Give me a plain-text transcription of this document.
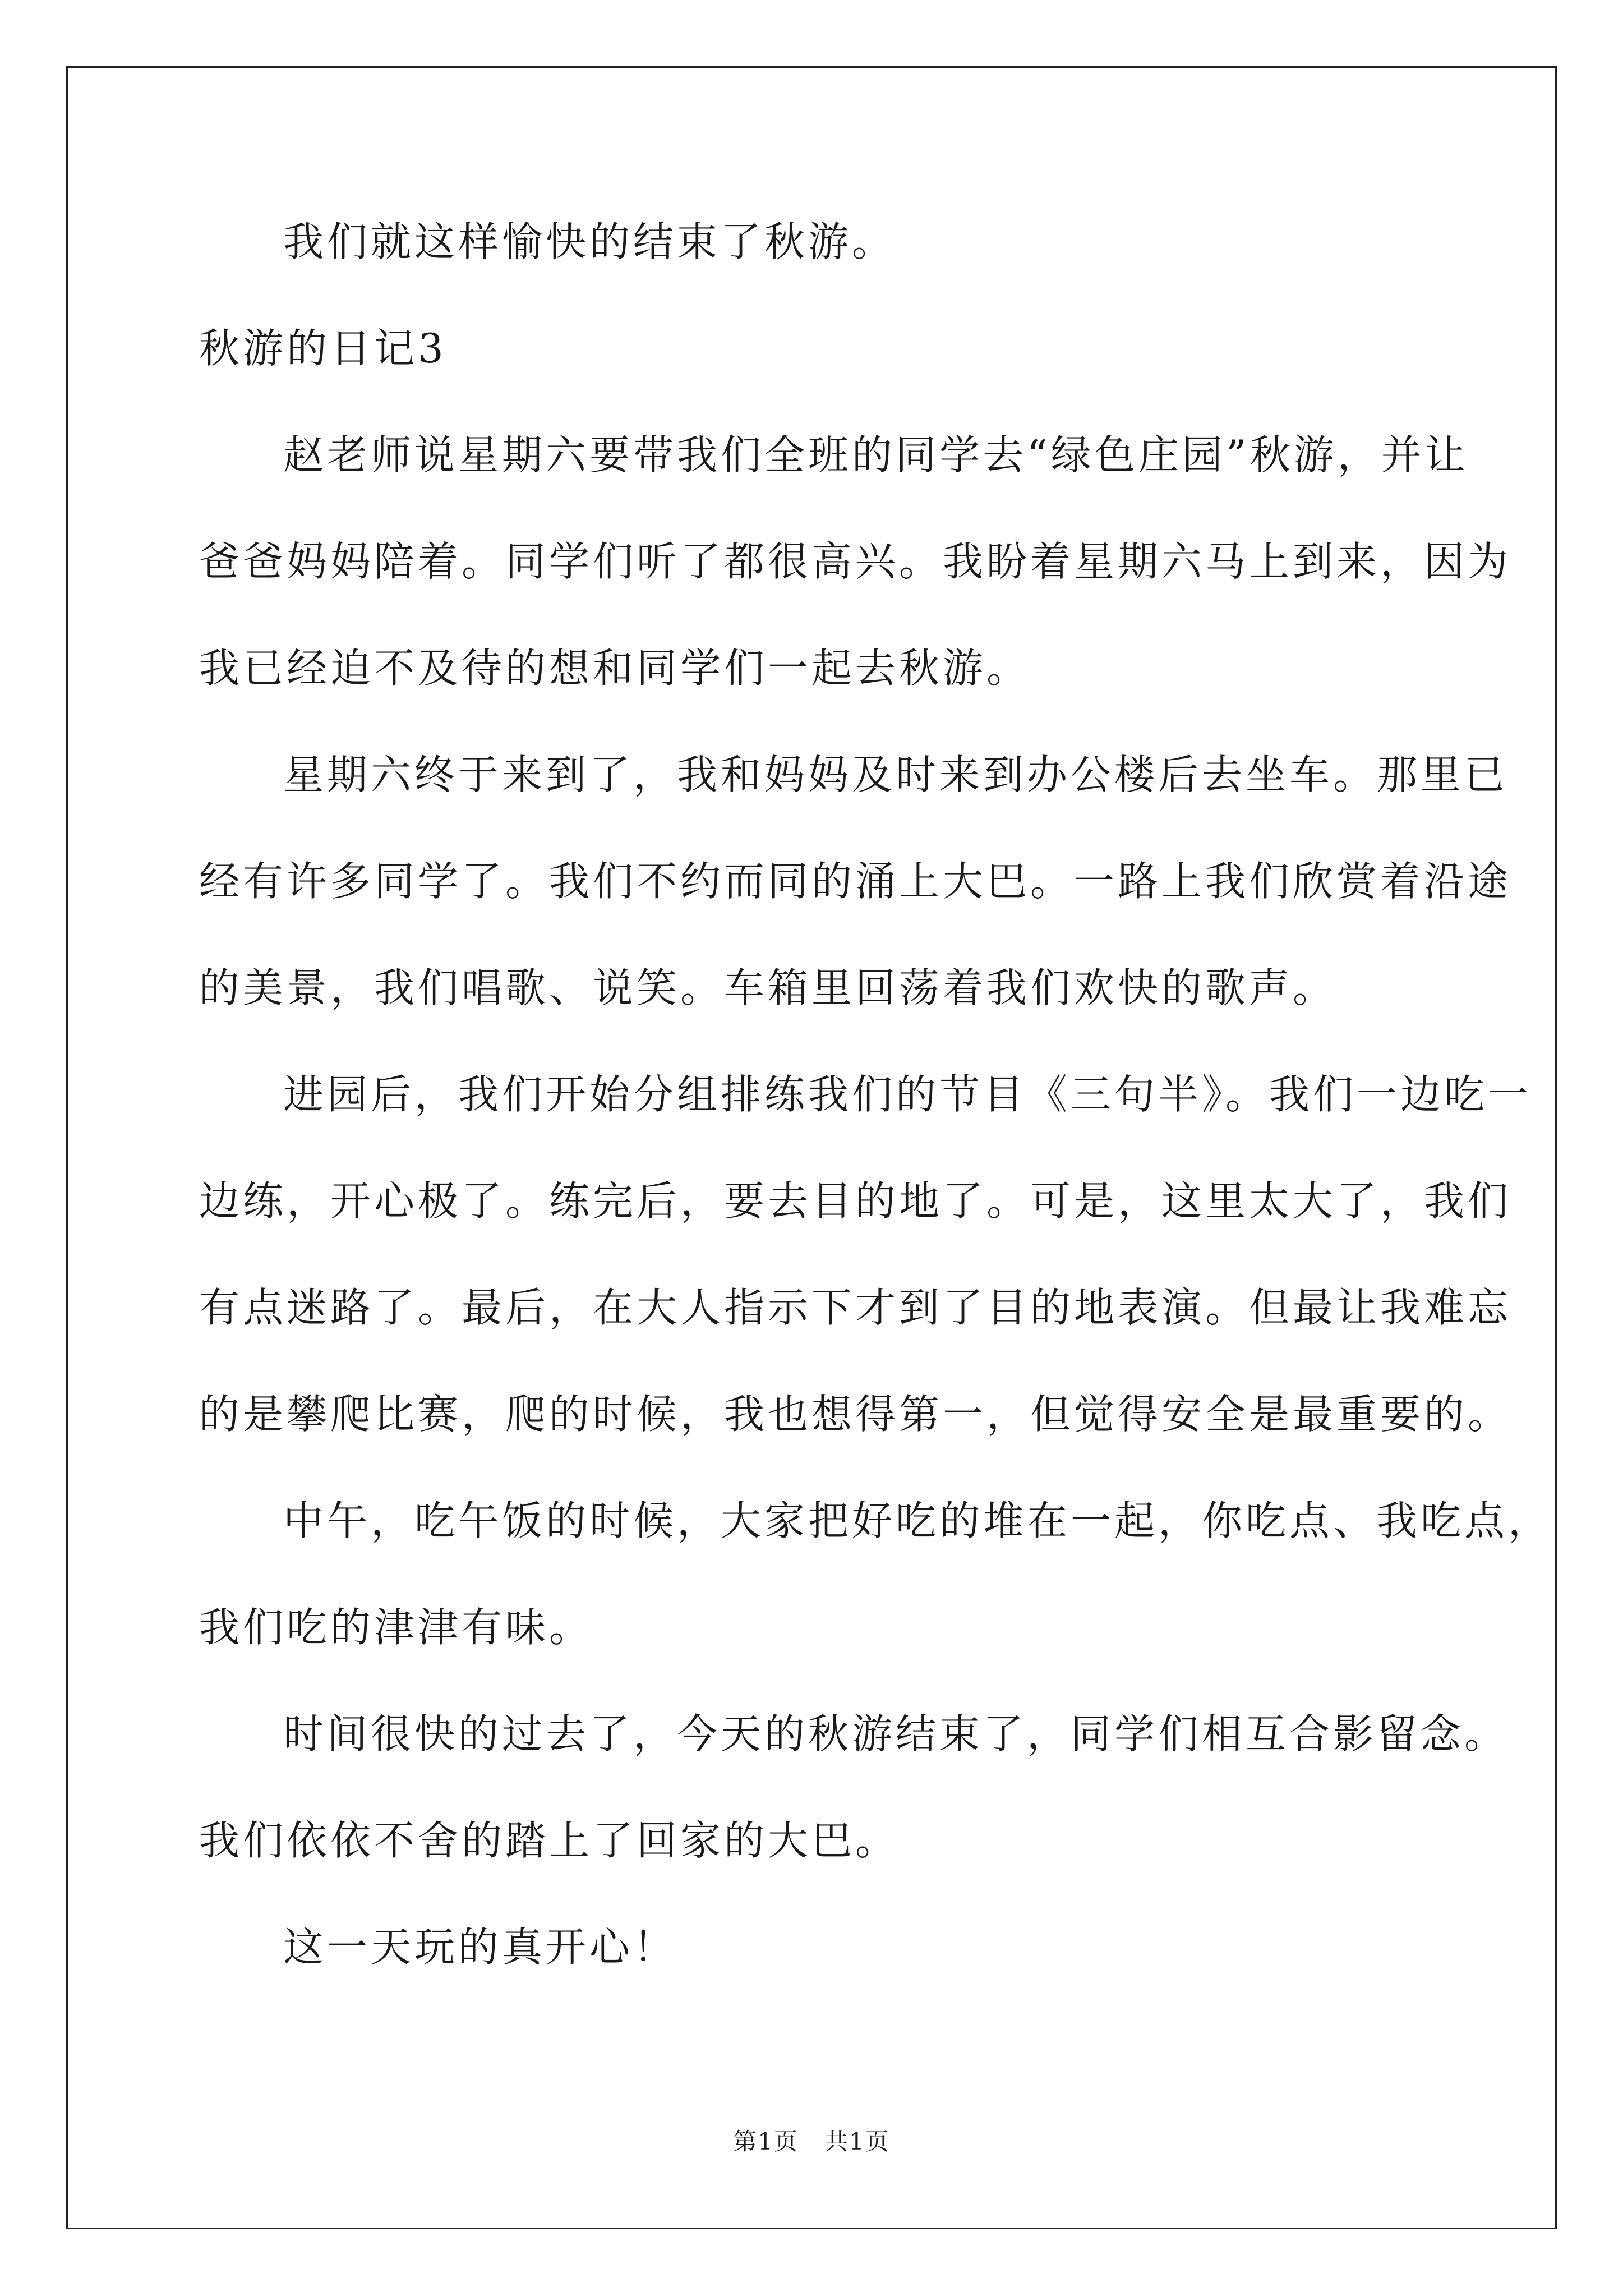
我们就这样愉快的结束了秋游。
秋游的日记3
赵老师说星期六要带我们全班的同学去“绿色庄园”秋游，并让
爸爸妈妈陪着。同学们听了都很高兴。我盼着星期六马上到来，因为
我已经迫不及待的想和同学们一起去秋游。
星期六终于来到了，我和妈妈及时来到办公楼后去坐车。那里已
经有许多同学了。我们不约而同的涌上大巴。一路上我们欣赏着沿途
的美景，我们唱歌、说笑。车箱里回荡着我们欢快的歌声。
进园后，我们开始分组排练我们的节目《三句半》。我们一边吃一
边练，开心极了。练完后，要去目的地了。可是，这里太大了，我们
有点迷路了。最后，在大人指示下才到了目的地表演。但最让我难忘
的是攀爬比赛，爬的时候，我也想得第一，但觉得安全是最重要的。
中午，吃午饭的时候，大家把好吃的堆在一起，你吃点、我吃点，
我们吃的津津有味。
时间很快的过去了，今天的秋游结束了，同学们相互合影留念。
我们依依不舍的踏上了回家的大巴。
这一天玩的真开心！
第1页   共1页
